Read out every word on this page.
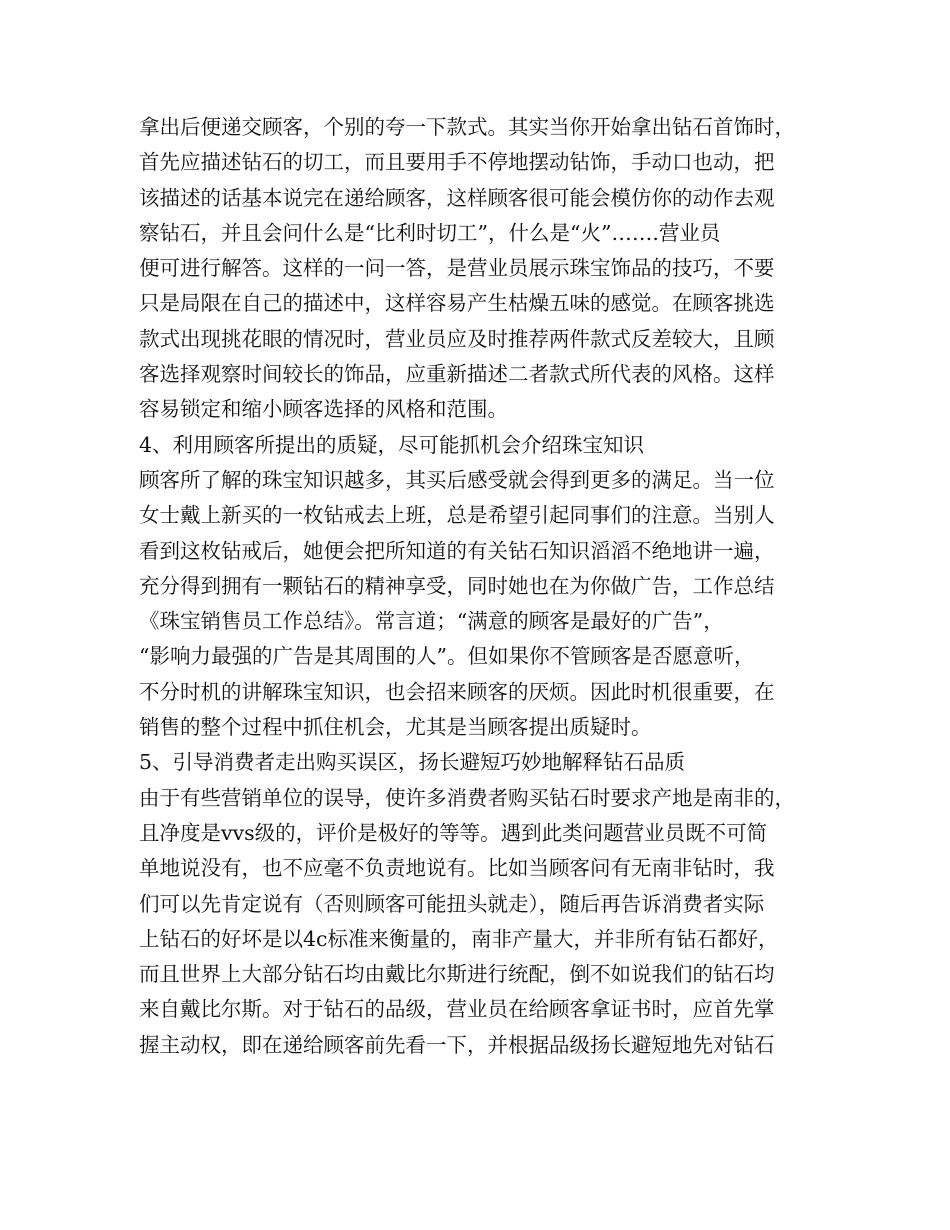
拿出后便递交顾客，个别的夸一下款式。其实当你开始拿出钻石首饰时，
首先应描述钻石的切工，而且要用手不停地摆动钻饰，手动口也动，把
该描述的话基本说完在递给顾客，这样顾客很可能会模仿你的动作去观
察钻石，并且会问什么是“比利时切工”，什么是“火”…….营业员
便可进行解答。这样的一问一答，是营业员展示珠宝饰品的技巧，不要
只是局限在自己的描述中，这样容易产生枯燥五味的感觉。在顾客挑选
款式出现挑花眼的情况时，营业员应及时推荐两件款式反差较大，且顾
客选择观察时间较长的饰品，应重新描述二者款式所代表的风格。这样
容易锁定和缩小顾客选择的风格和范围。
4、利用顾客所提出的质疑，尽可能抓机会介绍珠宝知识
顾客所了解的珠宝知识越多，其买后感受就会得到更多的满足。当一位
女士戴上新买的一枚钻戒去上班，总是希望引起同事们的注意。当别人
看到这枚钻戒后，她便会把所知道的有关钻石知识滔滔不绝地讲一遍，
充分得到拥有一颗钻石的精神享受，同时她也在为你做广告，工作总结
《珠宝销售员工作总结》。常言道；“满意的顾客是最好的广告”，
“影响力最强的广告是其周围的人”。但如果你不管顾客是否愿意听，
不分时机的讲解珠宝知识，也会招来顾客的厌烦。因此时机很重要，在
销售的整个过程中抓住机会，尤其是当顾客提出质疑时。
5、引导消费者走出购买误区，扬长避短巧妙地解释钻石品质
由于有些营销单位的误导，使许多消费者购买钻石时要求产地是南非的，
且净度是vvs级的，评价是极好的等等。遇到此类问题营业员既不可简
单地说没有，也不应毫不负责地说有。比如当顾客问有无南非钻时，我
们可以先肯定说有（否则顾客可能扭头就走），随后再告诉消费者实际
上钻石的好坏是以4c标准来衡量的，南非产量大，并非所有钻石都好，
而且世界上大部分钻石均由戴比尔斯进行统配，倒不如说我们的钻石均
来自戴比尔斯。对于钻石的品级，营业员在给顾客拿证书时，应首先掌
握主动权，即在递给顾客前先看一下，并根据品级扬长避短地先对钻石
